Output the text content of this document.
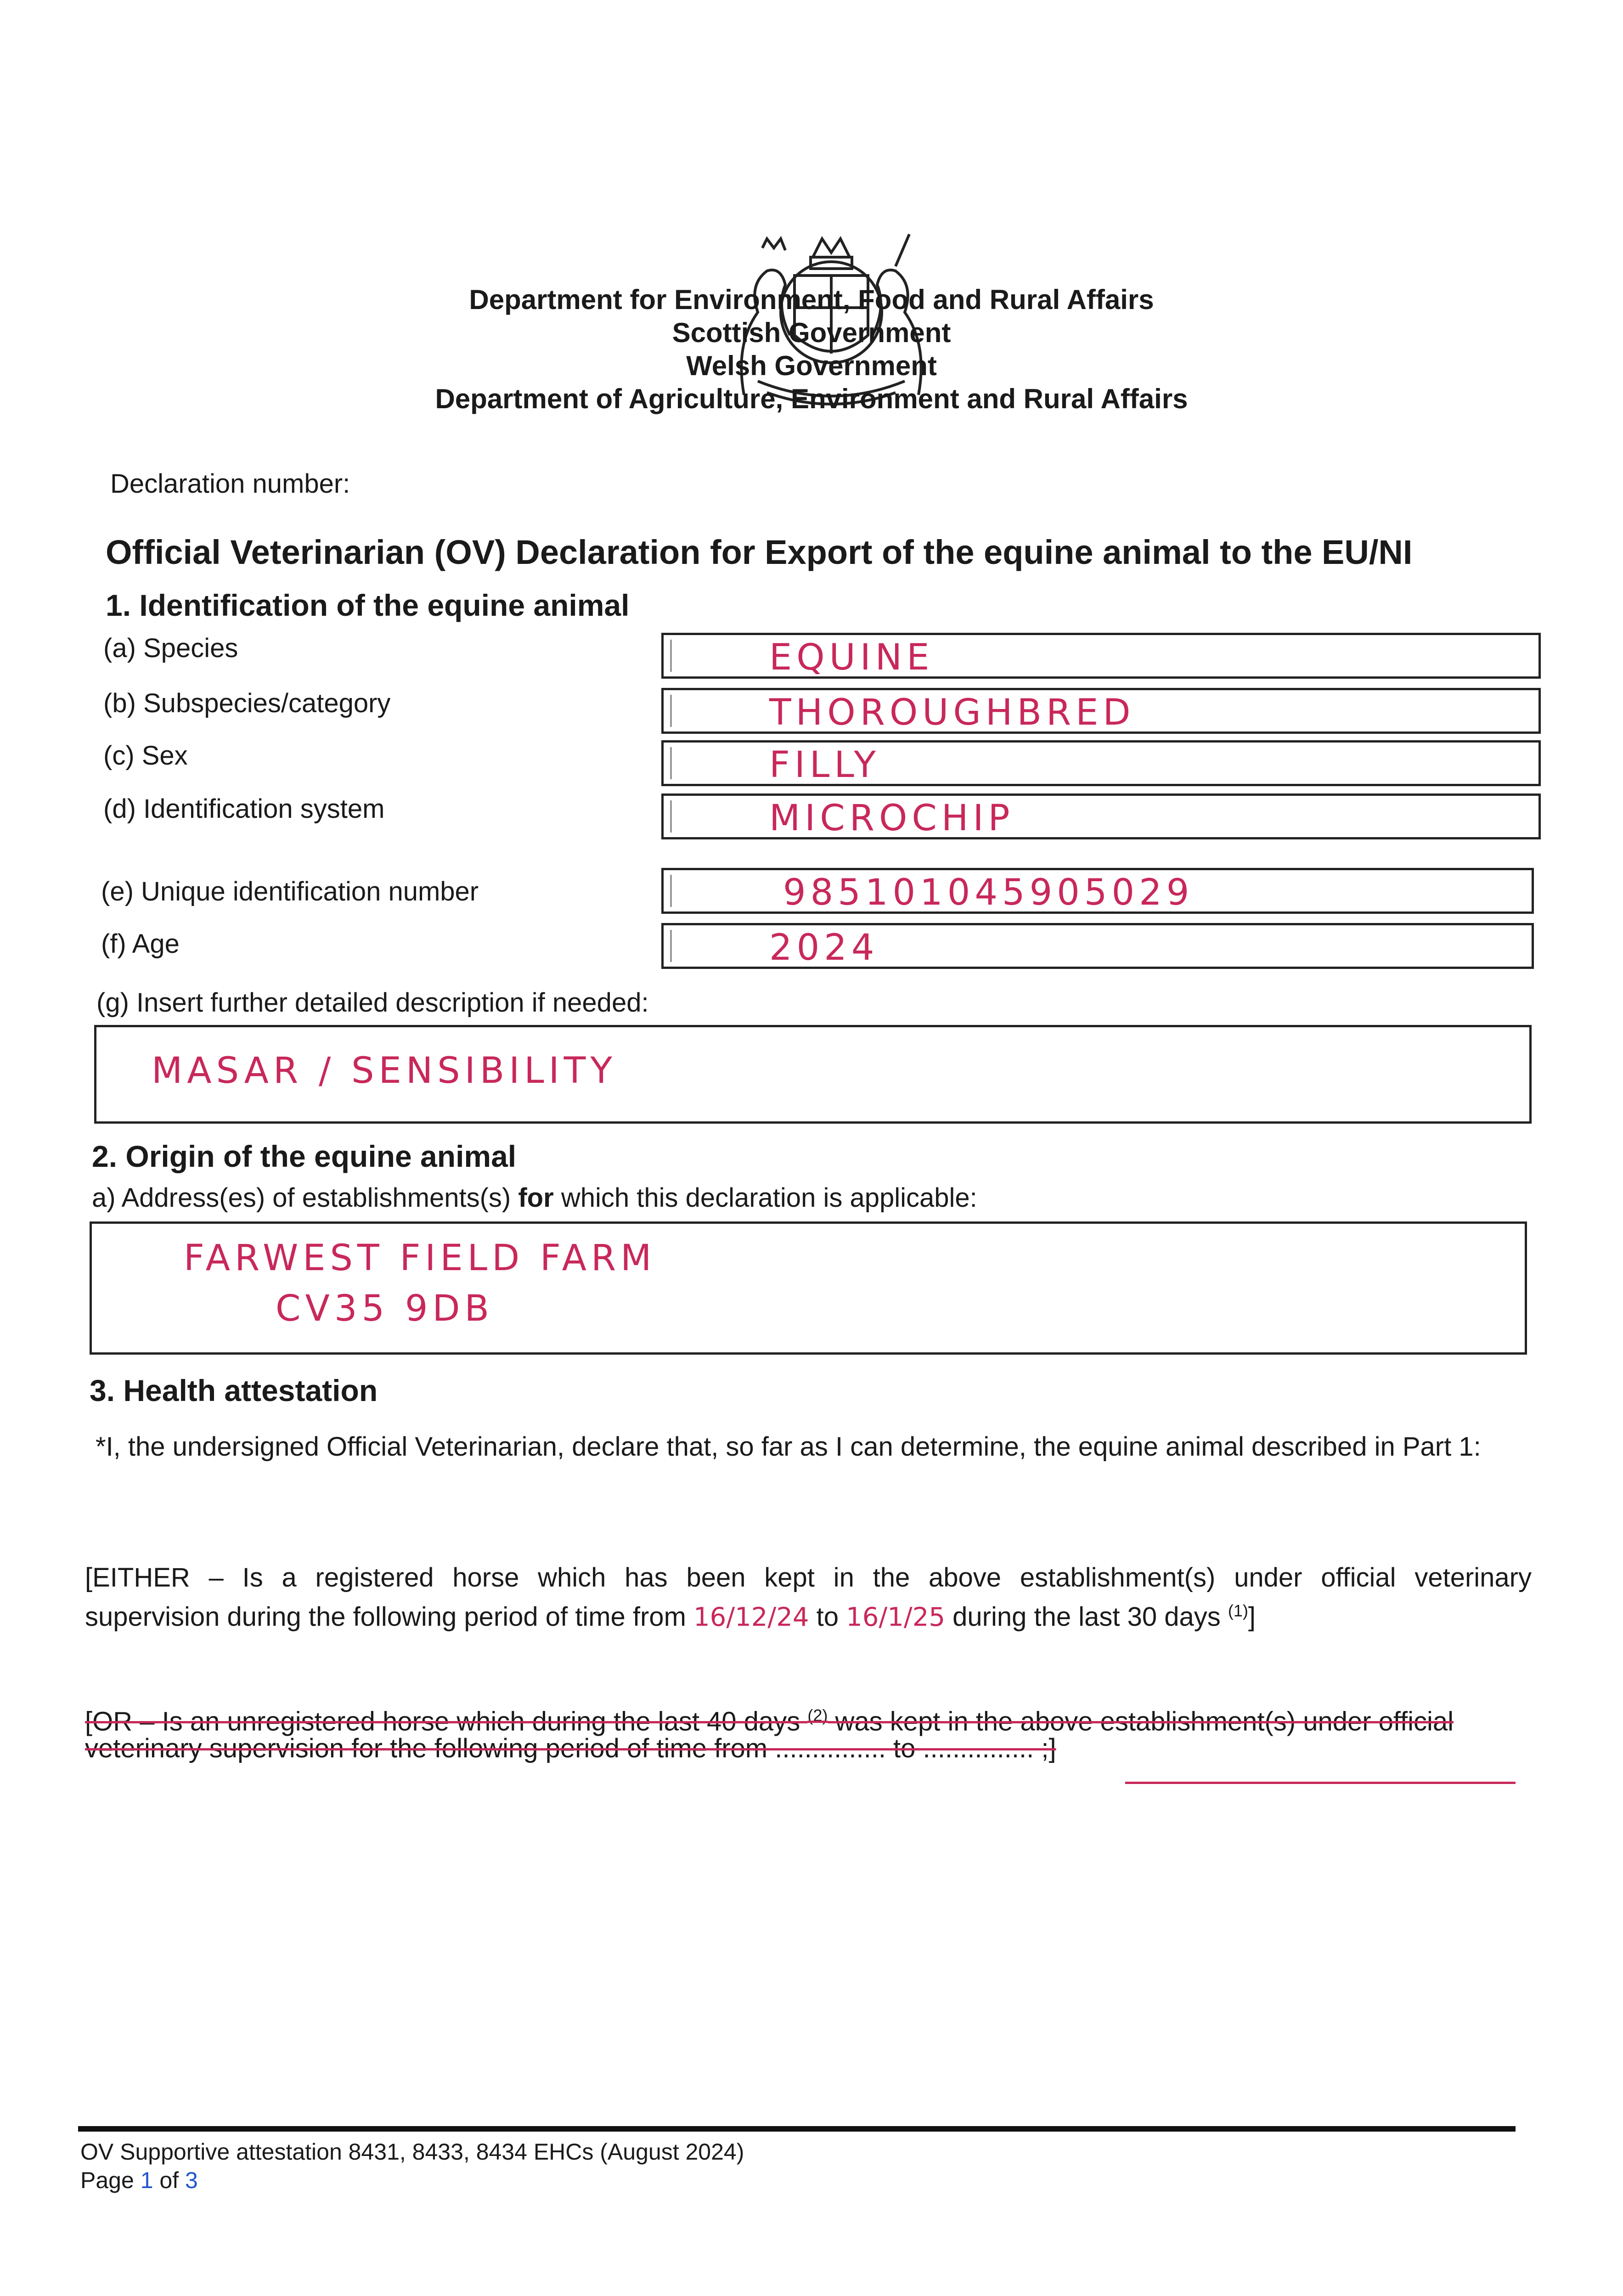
Department for Environment, Food and Rural Affairs
Scottish Government
Welsh Government
Department of Agriculture, Environment and Rural Affairs
Declaration number:
Official Veterinarian (OV) Declaration for Export of the equine animal to the EU/NI
1. Identification of the equine animal
(a) Species	EQUINE
(b) Subspecies/category	THOROUGHBRED
(c) Sex	FILLY
(d) Identification system	MICROCHIP
(e) Unique identification number	985101045905029
(f) Age	2024
(g) Insert further detailed description if needed:
MASAR / SENSIBILITY
2. Origin of the equine animal
a) Address(es) of establishments(s) for which this declaration is applicable:
FARWEST FIELD FARM
CV35 9DB
3. Health attestation
*I, the undersigned Official Veterinarian, declare that, so far as I can determine, the equine animal described in Part 1:
[EITHER – Is a registered horse which has been kept in the above establishment(s) under official veterinary
supervision during the following period of time from 16/12/24 to 16/1/25 during the last 30 days $^{(1)}$]
[OR – Is an unregistered horse which during the last 40 days $^{(2)}$ was kept in the above establishment(s) under official
veterinary supervision for the following period of time from ............... to ............... ;]
OV Supportive attestation 8431, 8433, 8434 EHCs (August 2024)
Page 1 of 3
